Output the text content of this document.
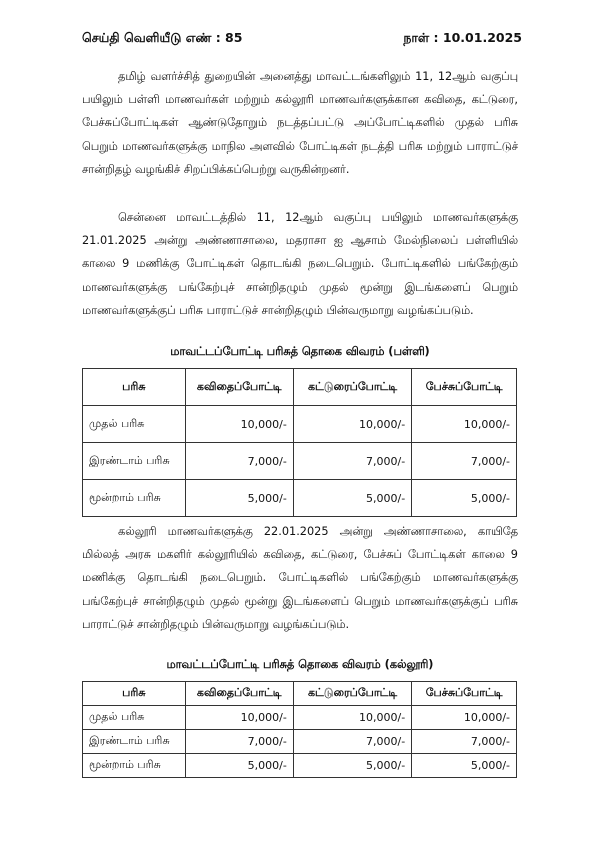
செய்தி வெளியீடு எண் : 85	நாள் : 10.01.2025

தமிழ் வளர்ச்சித் துறையின் அனைத்து மாவட்டங்களிலும் 11, 12ஆம் வகுப்பு பயிலும் பள்ளி மாணவர்கள் மற்றும் கல்லூரி மாணவர்களுக்கான கவிதை, கட்டுரை, பேச்சுப்போட்டிகள் ஆண்டுதோறும் நடத்தப்பட்டு அப்போட்டிகளில் முதல் பரிசு பெறும் மாணவர்களுக்கு மாநில அளவில் போட்டிகள் நடத்தி பரிசு மற்றும் பாராட்டுச் சான்றிதழ் வழங்கிச் சிறப்பிக்கப்பெற்று வருகின்றனர்.

சென்னை மாவட்டத்தில் 11, 12ஆம் வகுப்பு பயிலும் மாணவர்களுக்கு 21.01.2025 அன்று அண்ணாசாலை, மதராசா ஐ ஆசாம் மேல்நிலைப் பள்ளியில் காலை 9 மணிக்கு போட்டிகள் தொடங்கி நடைபெறும். போட்டிகளில் பங்கேற்கும் மாணவர்களுக்கு பங்கேற்புச் சான்றிதழும் முதல் மூன்று இடங்களைப் பெறும் மாணவர்களுக்குப் பரிசு பாராட்டுச் சான்றிதழும் பின்வருமாறு வழங்கப்படும்.

மாவட்டப்போட்டி பரிசுத் தொகை விவரம் (பள்ளி)
பரிசு	கவிதைப்போட்டி	கட்டுரைப்போட்டி	பேச்சுப்போட்டி
முதல் பரிசு	10,000/-	10,000/-	10,000/-
இரண்டாம் பரிசு	7,000/-	7,000/-	7,000/-
மூன்றாம் பரிசு	5,000/-	5,000/-	5,000/-

கல்லூரி மாணவர்களுக்கு 22.01.2025 அன்று அண்ணாசாலை, காயிதே மில்லத் அரசு மகளிர் கல்லூரியில் கவிதை, கட்டுரை, பேச்சுப் போட்டிகள் காலை 9 மணிக்கு தொடங்கி நடைபெறும். போட்டிகளில் பங்கேற்கும் மாணவர்களுக்கு பங்கேற்புச் சான்றிதழும் முதல் மூன்று இடங்களைப் பெறும் மாணவர்களுக்குப் பரிசு பாராட்டுச் சான்றிதழும் பின்வருமாறு வழங்கப்படும்.

மாவட்டப்போட்டி பரிசுத் தொகை விவரம் (கல்லூரி)
பரிசு	கவிதைப்போட்டி	கட்டுரைப்போட்டி	பேச்சுப்போட்டி
முதல் பரிசு	10,000/-	10,000/-	10,000/-
இரண்டாம் பரிசு	7,000/-	7,000/-	7,000/-
மூன்றாம் பரிசு	5,000/-	5,000/-	5,000/-
